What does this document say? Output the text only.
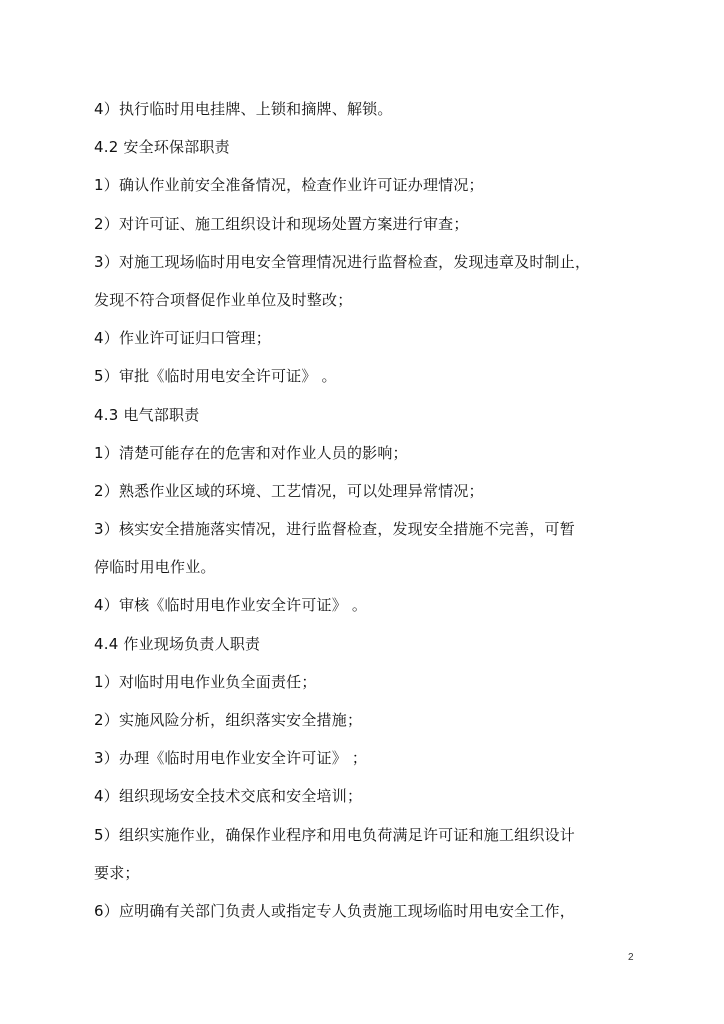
4）执行临时用电挂牌、上锁和摘牌、解锁。
4.2 安全环保部职责
1）确认作业前安全准备情况，检查作业许可证办理情况；
2）对许可证、施工组织设计和现场处置方案进行审查；
3）对施工现场临时用电安全管理情况进行监督检查，发现违章及时制止，
发现不符合项督促作业单位及时整改；
4）作业许可证归口管理；
5）审批《临时用电安全许可证》 。
4.3 电气部职责
1）清楚可能存在的危害和对作业人员的影响；
2）熟悉作业区域的环境、工艺情况，可以处理异常情况；
3）核实安全措施落实情况，进行监督检查，发现安全措施不完善，可暂
停临时用电作业。
4）审核《临时用电作业安全许可证》 。
4.4 作业现场负责人职责
1）对临时用电作业负全面责任；
2）实施风险分析，组织落实安全措施；
3）办理《临时用电作业安全许可证》 ；
4）组织现场安全技术交底和安全培训；
5）组织实施作业，确保作业程序和用电负荷满足许可证和施工组织设计
要求；
6）应明确有关部门负责人或指定专人负责施工现场临时用电安全工作，
2
